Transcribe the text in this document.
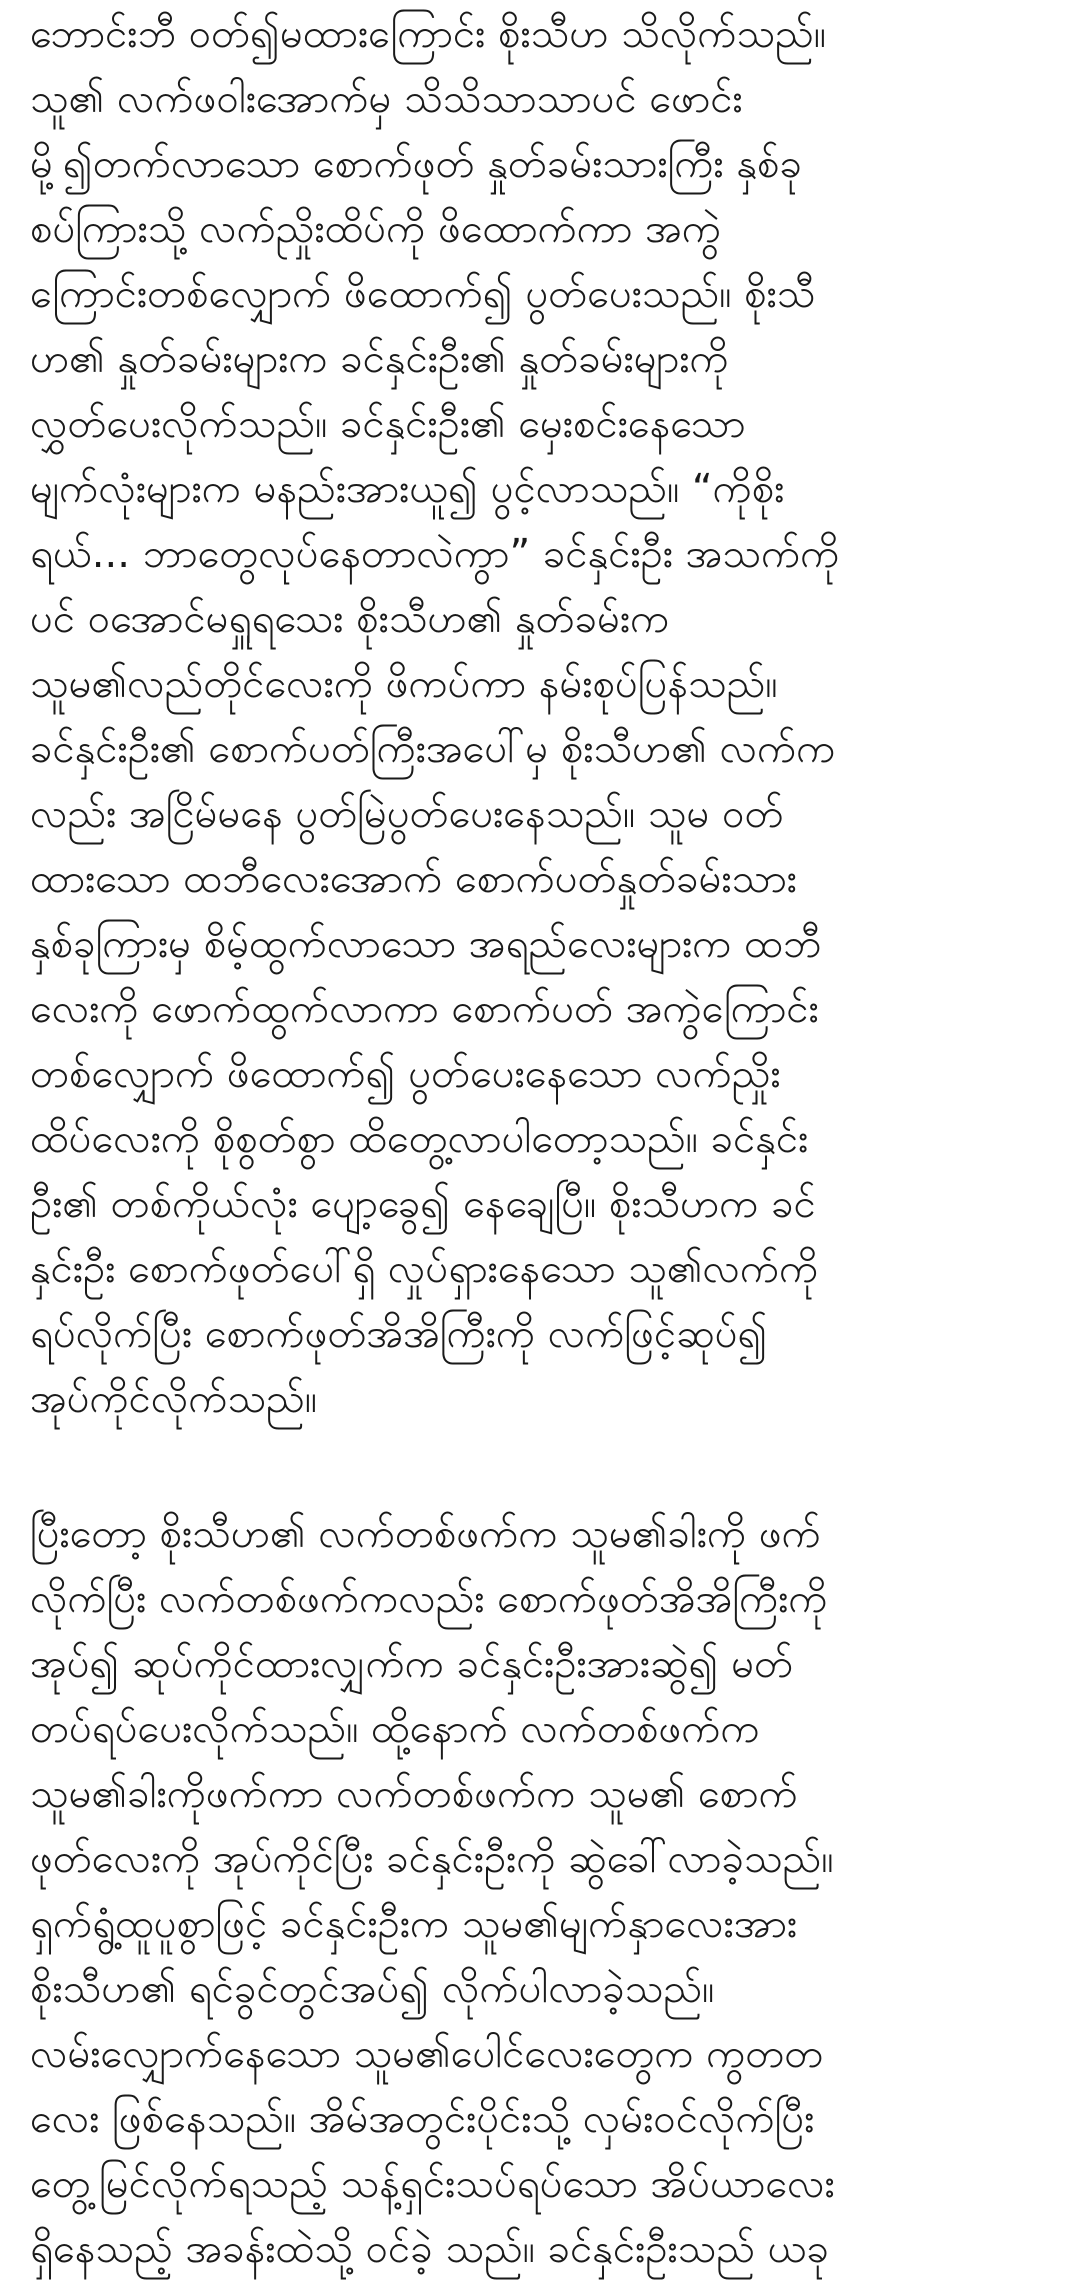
ဘောင်းဘီ ဝတ်၍မထားကြောင်း စိုးသီဟ သိလိုက်သည်။
သူ၏ လက်ဖဝါးအောက်မှ သိသိသာသာပင် ဖောင်း
မို့၍တက်လာသော စောက်ဖုတ် နှုတ်ခမ်းသားကြီး နှစ်ခု
စပ်ကြားသို့ လက်ညှိုးထိပ်ကို ဖိထောက်ကာ အကွဲ
ကြောင်းတစ်လျှောက် ဖိထောက်၍ ပွတ်ပေးသည်။ စိုးသီ
ဟ၏ နှုတ်ခမ်းများက ခင်နှင်းဦး၏ နှုတ်ခမ်းများကို
လွှတ်ပေးလိုက်သည်။ ခင်နှင်းဦး၏ မှေးစင်းနေသော
မျက်လုံးများက မနည်းအားယူ၍ ပွင့်လာသည်။ “ကိုစိုး
ရယ်... ဘာတွေလုပ်နေတာလဲကွာ” ခင်နှင်းဦး အသက်ကို
ပင် ဝအောင်မရှူရသေး စိုးသီဟ၏ နှုတ်ခမ်းက
သူမ၏လည်တိုင်လေးကို ဖိကပ်ကာ နမ်းစုပ်ပြန်သည်။
ခင်နှင်းဦး၏ စောက်ပတ်ကြီးအပေါ်မှ စိုးသီဟ၏ လက်က
လည်း အငြိမ်မနေ ပွတ်မြဲပွတ်ပေးနေသည်။ သူမ ဝတ်
ထားသော ထဘီလေးအောက် စောက်ပတ်နှုတ်ခမ်းသား
နှစ်ခုကြားမှ စိမ့်ထွက်လာသော အရည်လေးများက ထဘီ
လေးကို ဖောက်ထွက်လာကာ စောက်ပတ် အကွဲကြောင်း
တစ်လျှောက် ဖိထောက်၍ ပွတ်ပေးနေသော လက်ညှိုး
ထိပ်လေးကို စိုစွတ်စွာ ထိတွေ့လာပါတော့သည်။ ခင်နှင်း
ဦး၏ တစ်ကိုယ်လုံး ပျော့ခွေ၍ နေချေပြီ။ စိုးသီဟက ခင်
နှင်းဦး စောက်ဖုတ်ပေါ်ရှိ လှုပ်ရှားနေသော သူ၏လက်ကို
ရပ်လိုက်ပြီး စောက်ဖုတ်အိအိကြီးကို လက်ဖြင့်ဆုပ်၍
အုပ်ကိုင်လိုက်သည်။
ပြီးတော့ စိုးသီဟ၏ လက်တစ်ဖက်က သူမ၏ခါးကို ဖက်
လိုက်ပြီး လက်တစ်ဖက်ကလည်း စောက်ဖုတ်အိအိကြီးကို
အုပ်၍ ဆုပ်ကိုင်ထားလျှက်က ခင်နှင်းဦးအားဆွဲ၍ မတ်
တပ်ရပ်ပေးလိုက်သည်။ ထို့နောက် လက်တစ်ဖက်က
သူမ၏ခါးကိုဖက်ကာ လက်တစ်ဖက်က သူမ၏ စောက်
ဖုတ်လေးကို အုပ်ကိုင်ပြီး ခင်နှင်းဦးကို ဆွဲခေါ်လာခဲ့သည်။
ရှက်ရွံ့ထူပူစွာဖြင့် ခင်နှင်းဦးက သူမ၏မျက်နှာလေးအား
စိုးသီဟ၏ ရင်ခွင်တွင်အပ်၍ လိုက်ပါလာခဲ့သည်။
လမ်းလျှောက်နေသော သူမ၏ပေါင်လေးတွေက ကွတတ
လေး ဖြစ်နေသည်။ အိမ်အတွင်းပိုင်းသို့ လှမ်းဝင်လိုက်ပြီး
တွေ့မြင်လိုက်ရသည့် သန့်ရှင်းသပ်ရပ်သော အိပ်ယာလေး
ရှိနေသည့် အခန်းထဲသို့ ဝင်ခဲ့ သည်။ ခင်နှင်းဦးသည် ယခု
